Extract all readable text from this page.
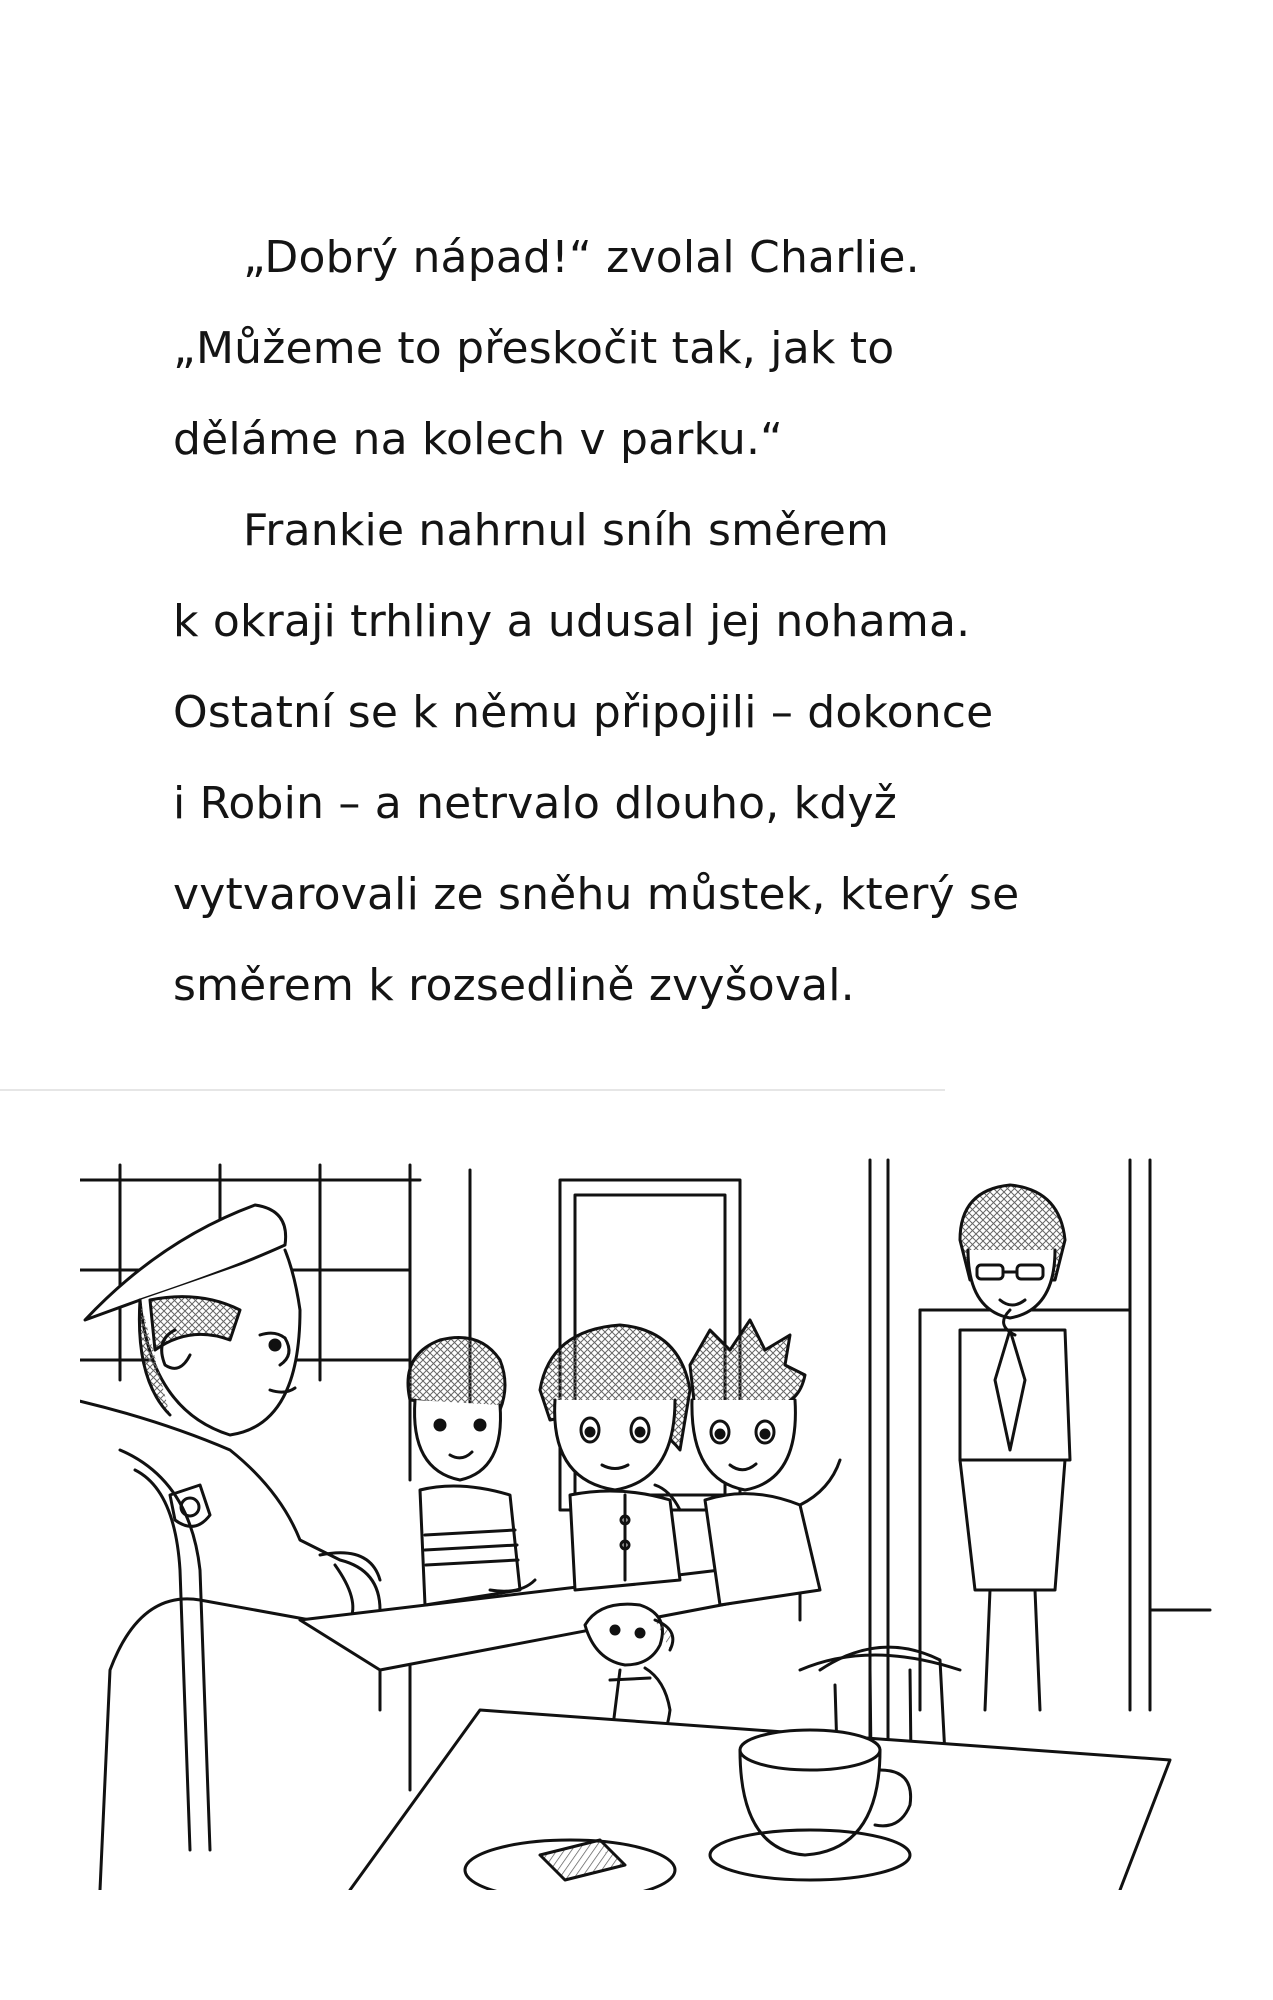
„Dobrý nápad!“ zvolal Charlie.
„Můžeme to přeskočit tak, jak to
děláme na kolech v parku.“
Frankie nahrnul sníh směrem
k okraji trhliny a udusal jej nohama.
Ostatní se k němu připojili – dokonce
i Robin – a netrvalo dlouho, když
vytvarovali ze sněhu můstek, který se
směrem k rozsedlině zvyšoval.
